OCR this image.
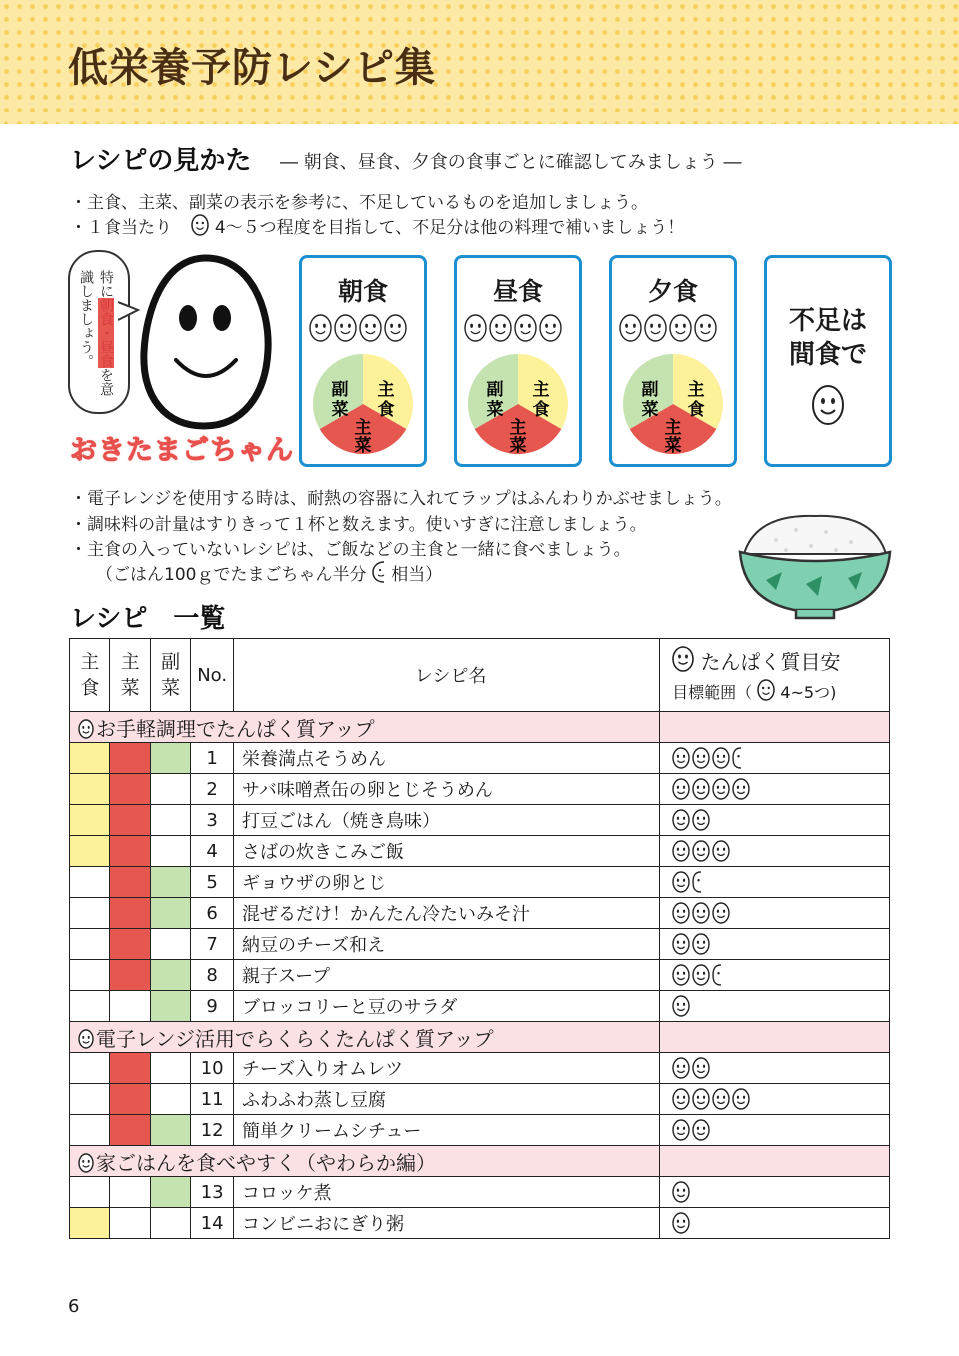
低栄養予防レシピ集
レシピの見かた ― 朝食、昼食、夕食の食事ごとに確認してみましょう ―
・主食、主菜、副菜の表示を参考に、不足しているものを追加しましょう。
・１食当たり	4～５つ程度を目指して、不足分は他の料理で補いましょう！
特に朝食・昼食を意識しましょう。
おきたまごちゃん
朝食
副
菜
主
食
主
菜
昼食
副
菜
主
食
主
菜
夕食
副
菜
主
食
主
菜
不足は
間食で
・電子レンジを使用する時は、耐熱の容器に入れてラップはふんわりかぶせましょう。
・調味料の計量はすりきって１杯と数えます。使いすぎに注意しましょう。
・主食の入っていないレシピは、ご飯などの主食と一緒に食べましょう。
（ごはん100ｇでたまごちゃん半分 相当）
レシピ　一覧
主食	主菜	副菜	No.	レシピ名	たんぱく質目安
目標範囲（ 4~5つ)

お手軽調理でたんぱく質アップ					
			1	栄養満点そうめん	
			2	サバ味噌煮缶の卵とじそうめん	
			3	打豆ごはん（焼き鳥味）	
			4	さばの炊きこみご飯	
			5	ギョウザの卵とじ	
			6	混ぜるだけ！かんたん冷たいみそ汁	
			7	納豆のチーズ和え	
			8	親子スープ	
			9	ブロッコリーと豆のサラダ	
電子レンジ活用でらくらくたんぱく質アップ					
			10	チーズ入りオムレツ	
			11	ふわふわ蒸し豆腐	
			12	簡単クリームシチュー	
家ごはんを食べやすく（やわらか編）					
			13	コロッケ煮	
			14	コンビニおにぎり粥	
6
